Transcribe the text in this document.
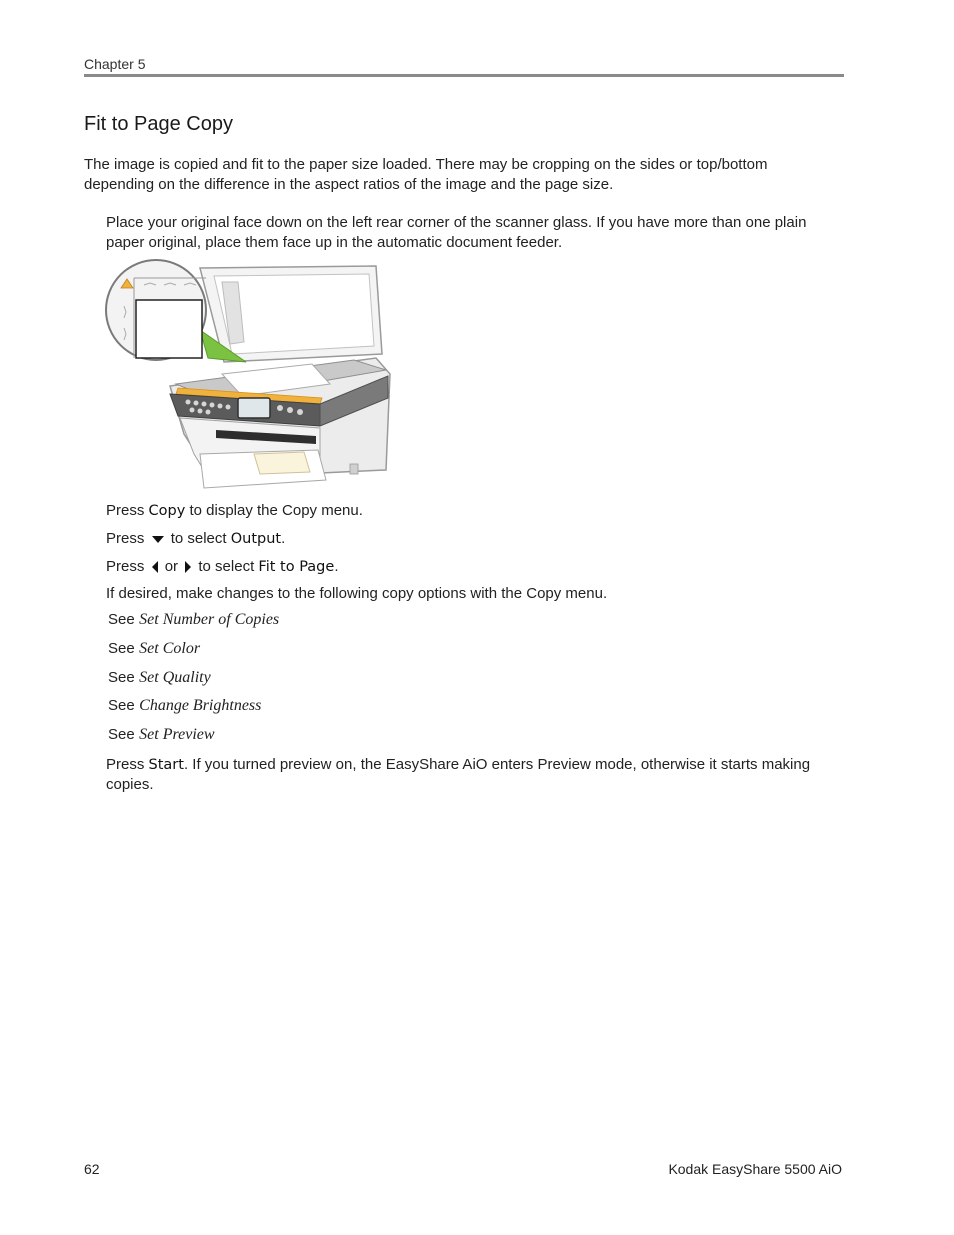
Chapter 5
Fit to Page Copy
The image is copied and fit to the paper size loaded. There may be cropping on the sides or top/bottom depending on the difference in the aspect ratios of the image and the page size.
Place your original face down on the left rear corner of the scanner glass. If you have more than one plain paper original, place them face up in the automatic document feeder.
Press Copy to display the Copy menu.
Press to select Output.
Press or to select Fit to Page.
If desired, make changes to the following copy options with the Copy menu.
See Set Number of Copies
See Set Color
See Set Quality
See Change Brightness
See Set Preview
Press Start. If you turned preview on, the EasyShare AiO enters Preview mode, otherwise it starts making copies.
62	Kodak EasyShare 5500 AiO
